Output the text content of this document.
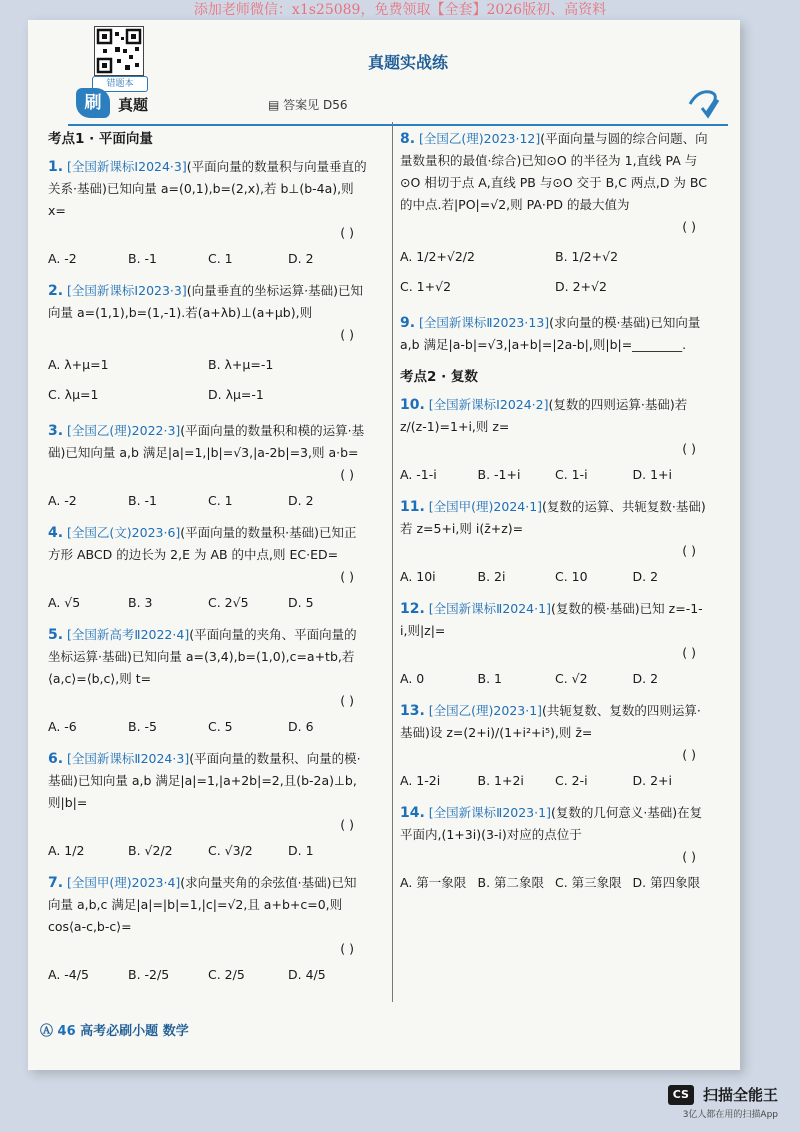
添加老师微信：x1s25089，免费领取【全套】2026版初、高资料
错题本
真题实战练
刷	真题	▤ 答案见 D56
考点1 · 平面向量
1. [全国新课标Ⅰ2024·3](平面向量的数量积与向量垂直的关系·基础)已知向量 a=(0,1),b=(2,x),若 b⊥(b-4a),则 x=
( )
A. -2	B. -1	C. 1	D. 2
2. [全国新课标Ⅰ2023·3](向量垂直的坐标运算·基础)已知向量 a=(1,1),b=(1,-1).若(a+λb)⊥(a+μb),则
( )
A. λ+μ=1	B. λ+μ=-1
C. λμ=1	D. λμ=-1
3. [全国乙(理)2022·3](平面向量的数量积和模的运算·基础)已知向量 a,b 满足|a|=1,|b|=√3,|a-2b|=3,则 a·b=
( )
A. -2	B. -1	C. 1	D. 2
4. [全国乙(文)2023·6](平面向量的数量积·基础)已知正方形 ABCD 的边长为 2,E 为 AB 的中点,则 EC·ED=
( )
A. √5	B. 3	C. 2√5	D. 5
5. [全国新高考Ⅱ2022·4](平面向量的夹角、平面向量的坐标运算·基础)已知向量 a=(3,4),b=(1,0),c=a+tb,若⟨a,c⟩=⟨b,c⟩,则 t=
( )
A. -6	B. -5	C. 5	D. 6
6. [全国新课标Ⅱ2024·3](平面向量的数量积、向量的模·基础)已知向量 a,b 满足|a|=1,|a+2b|=2,且(b-2a)⊥b,则|b|=
( )
A. 1/2	B. √2/2	C. √3/2	D. 1
7. [全国甲(理)2023·4](求向量夹角的余弦值·基础)已知向量 a,b,c 满足|a|=|b|=1,|c|=√2,且 a+b+c=0,则 cos⟨a-c,b-c⟩=
( )
A. -4/5	B. -2/5	C. 2/5	D. 4/5
8. [全国乙(理)2023·12](平面向量与圆的综合问题、向量数量积的最值·综合)已知⊙O 的半径为 1,直线 PA 与⊙O 相切于点 A,直线 PB 与⊙O 交于 B,C 两点,D 为 BC 的中点.若|PO|=√2,则 PA·PD 的最大值为
( )
A. 1/2+√2/2	B. 1/2+√2
C. 1+√2	D. 2+√2
9. [全国新课标Ⅱ2023·13](求向量的模·基础)已知向量 a,b 满足|a-b|=√3,|a+b|=|2a-b|,则|b|=________.
考点2 · 复数
10. [全国新课标Ⅰ2024·2](复数的四则运算·基础)若 z/(z-1)=1+i,则 z=
( )
A. -1-i	B. -1+i	C. 1-i	D. 1+i
11. [全国甲(理)2024·1](复数的运算、共轭复数·基础)若 z=5+i,则 i(z̄+z)=
( )
A. 10i	B. 2i	C. 10	D. 2
12. [全国新课标Ⅱ2024·1](复数的模·基础)已知 z=-1-i,则|z|=
( )
A. 0	B. 1	C. √2	D. 2
13. [全国乙(理)2023·1](共轭复数、复数的四则运算·基础)设 z=(2+i)/(1+i²+i⁵),则 z̄=
( )
A. 1-2i	B. 1+2i	C. 2-i	D. 2+i
14. [全国新课标Ⅱ2023·1](复数的几何意义·基础)在复平面内,(1+3i)(3-i)对应的点位于
( )
A. 第一象限 B. 第二象限 C. 第三象限 D. 第四象限
Ⓐ 46 高考必刷小题 数学
CS 扫描全能王
3亿人都在用的扫描App
